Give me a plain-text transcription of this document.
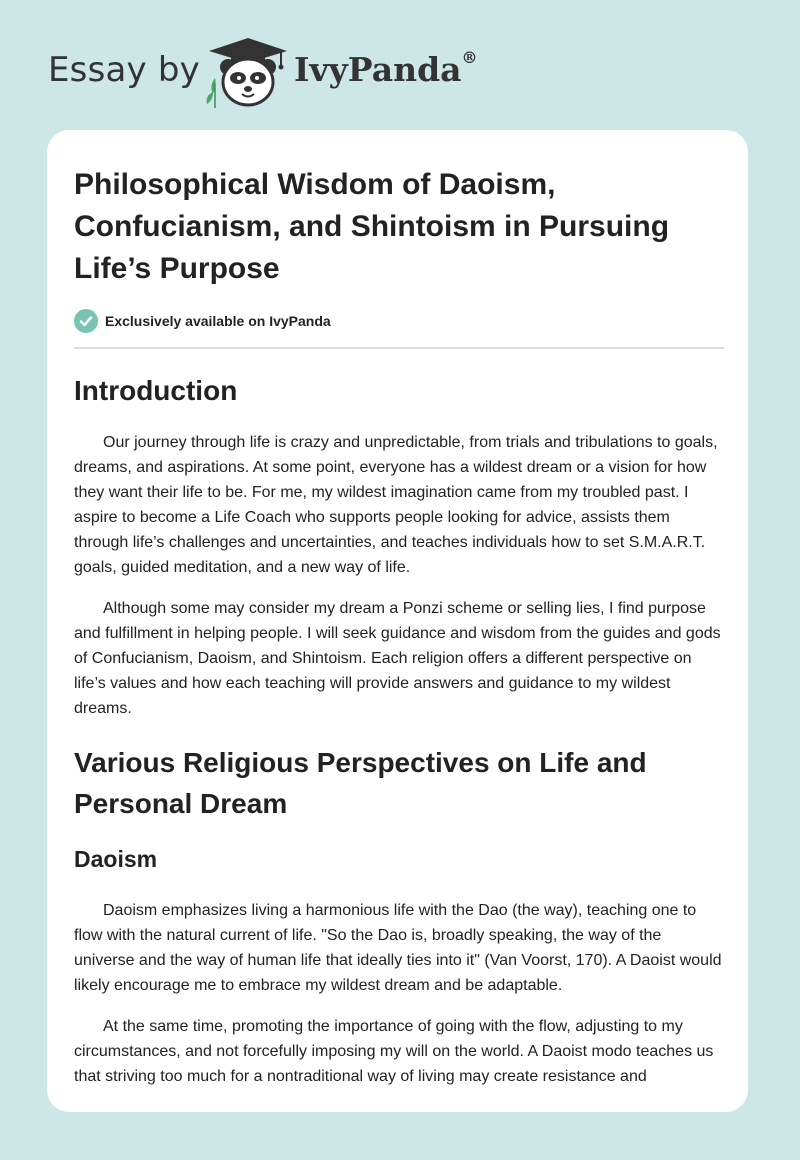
Essay by	IvyPanda®
Philosophical Wisdom of Daoism, Confucianism, and Shintoism in Pursuing Life’s Purpose
Exclusively available on IvyPanda
Introduction

Our journey through life is crazy and unpredictable, from trials and tribulations to goals, dreams, and aspirations. At some point, everyone has a wildest dream or a vision for how they want their life to be. For me, my wildest imagination came from my troubled past. I aspire to become a Life Coach who supports people looking for advice, assists them through life’s challenges and uncertainties, and teaches individuals how to set S.M.A.R.T. goals, guided meditation, and a new way of life.

Although some may consider my dream a Ponzi scheme or selling lies, I find purpose and fulfillment in helping people. I will seek guidance and wisdom from the guides and gods of Confucianism, Daoism, and Shintoism. Each religion offers a different perspective on life’s values and how each teaching will provide answers and guidance to my wildest dreams.

Various Religious Perspectives on Life and Personal Dream
Daoism

Daoism emphasizes living a harmonious life with the Dao (the way), teaching one to flow with the natural current of life. "So the Dao is, broadly speaking, the way of the universe and the way of human life that ideally ties into it" (Van Voorst, 170). A Daoist would likely encourage me to embrace my wildest dream and be adaptable.

At the same time, promoting the importance of going with the flow, adjusting to my circumstances, and not forcefully imposing my will on the world. A Daoist modo teaches us that striving too much for a nontraditional way of living may create resistance and
